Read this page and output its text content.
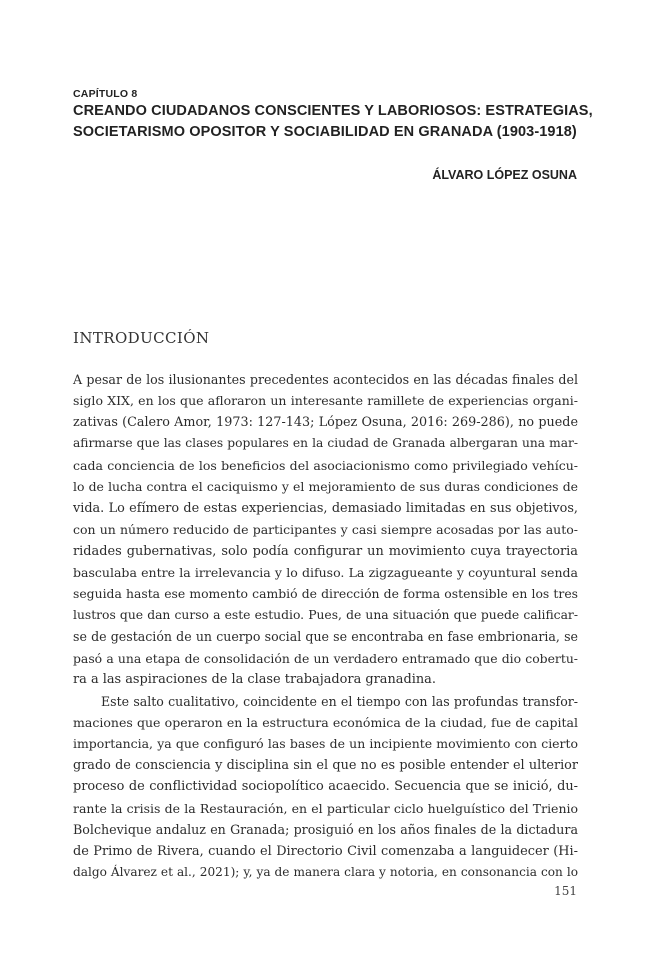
CAPÍTULO 8
CREANDO CIUDADANOS CONSCIENTES Y LABORIOSOS: ESTRATEGIAS,
SOCIETARISMO OPOSITOR Y SOCIABILIDAD EN GRANADA (1903-1918)
ÁLVARO LÓPEZ OSUNA
INTRODUCCIÓN
A pesar de los ilusionantes precedentes acontecidos en las décadas finales del
siglo XIX, en los que afloraron un interesante ramillete de experiencias organi-
zativas (Calero Amor, 1973: 127-143; López Osuna, 2016: 269-286), no puede
afirmarse que las clases populares en la ciudad de Granada albergaran una mar-
cada conciencia de los beneficios del asociacionismo como privilegiado vehícu-
lo de lucha contra el caciquismo y el mejoramiento de sus duras condiciones de
vida. Lo efímero de estas experiencias, demasiado limitadas en sus objetivos,
con un número reducido de participantes y casi siempre acosadas por las auto-
ridades gubernativas, solo podía configurar un movimiento cuya trayectoria
basculaba entre la irrelevancia y lo difuso. La zigzagueante y coyuntural senda
seguida hasta ese momento cambió de dirección de forma ostensible en los tres
lustros que dan curso a este estudio. Pues, de una situación que puede calificar-
se de gestación de un cuerpo social que se encontraba en fase embrionaria, se
pasó a una etapa de consolidación de un verdadero entramado que dio cobertu-
ra a las aspiraciones de la clase trabajadora granadina.
Este salto cualitativo, coincidente en el tiempo con las profundas transfor-
maciones que operaron en la estructura económica de la ciudad, fue de capital
importancia, ya que configuró las bases de un incipiente movimiento con cierto
grado de consciencia y disciplina sin el que no es posible entender el ulterior
proceso de conflictividad sociopolítico acaecido. Secuencia que se inició, du-
rante la crisis de la Restauración, en el particular ciclo huelguístico del Trienio
Bolchevique andaluz en Granada; prosiguió en los años finales de la dictadura
de Primo de Rivera, cuando el Directorio Civil comenzaba a languidecer (Hi-
dalgo Álvarez et al., 2021); y, ya de manera clara y notoria, en consonancia con lo
151
